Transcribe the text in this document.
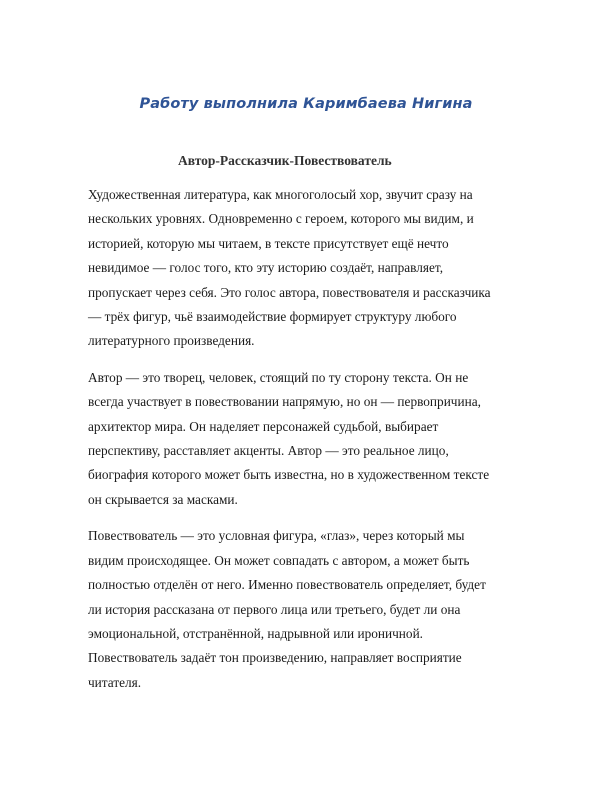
Работу выполнила Каримбаева Нигина
Автор-Рассказчик-Повествователь

Художественная литература, как многоголосый хор, звучит сразу на
нескольких уровнях. Одновременно с героем, которого мы видим, и
историей, которую мы читаем, в тексте присутствует ещё нечто
невидимое — голос того, кто эту историю создаёт, направляет,
пропускает через себя. Это голос автора, повествователя и рассказчика
— трёх фигур, чьё взаимодействие формирует структуру любого
литературного произведения.

Автор — это творец, человек, стоящий по ту сторону текста. Он не
всегда участвует в повествовании напрямую, но он — первопричина,
архитектор мира. Он наделяет персонажей судьбой, выбирает
перспективу, расставляет акценты. Автор — это реальное лицо,
биография которого может быть известна, но в художественном тексте
он скрывается за масками.

Повествователь — это условная фигура, «глаз», через который мы
видим происходящее. Он может совпадать с автором, а может быть
полностью отделён от него. Именно повествователь определяет, будет
ли история рассказана от первого лица или третьего, будет ли она
эмоциональной, отстранённой, надрывной или ироничной.
Повествователь задаёт тон произведению, направляет восприятие
читателя.
